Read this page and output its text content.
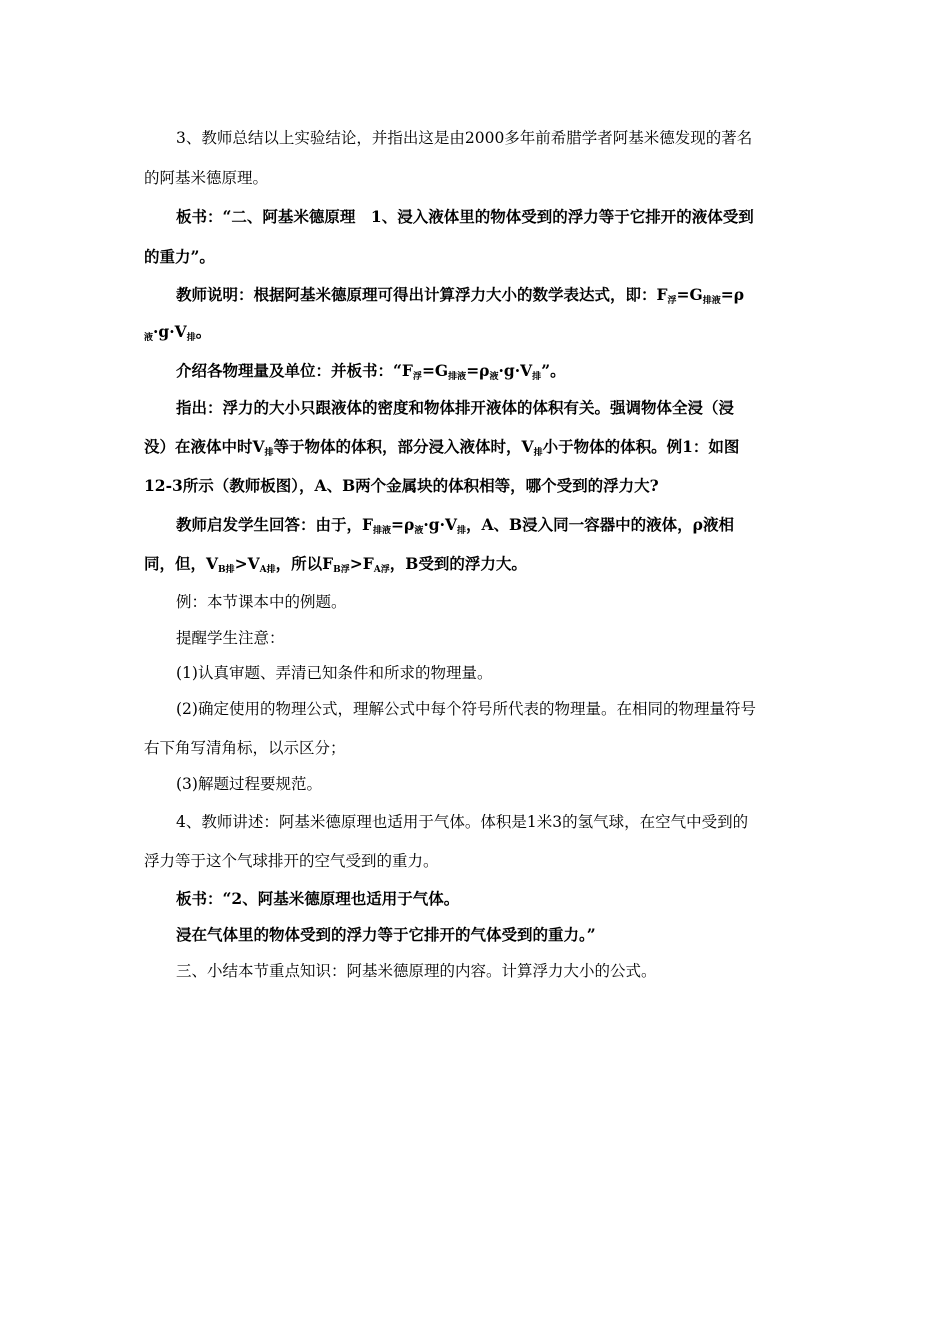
3、教师总结以上实验结论，并指出这是由2000多年前希腊学者阿基米德发现的著名
的阿基米德原理。
板书：“二、阿基米德原理　1、浸入液体里的物体受到的浮力等于它排开的液体受到
的重力”。
教师说明：根据阿基米德原理可得出计算浮力大小的数学表达式，即：F浮=G排液=ρ
液·g·V排。
介绍各物理量及单位：并板书：“F浮=G排液=ρ液·g·V排”。
指出：浮力的大小只跟液体的密度和物体排开液体的体积有关。强调物体全浸（浸
没）在液体中时V排等于物体的体积，部分浸入液体时，V排小于物体的体积。例1：如图
12-3所示（教师板图），A、B两个金属块的体积相等，哪个受到的浮力大?
教师启发学生回答：由于，F排液=ρ液·g·V排，A、B浸入同一容器中的液体，ρ液相
同，但，VB排>VA排，所以FB浮>FA浮，B受到的浮力大。
例：本节课本中的例题。
提醒学生注意：
(1)认真审题、弄清已知条件和所求的物理量。
(2)确定使用的物理公式，理解公式中每个符号所代表的物理量。在相同的物理量符号
右下角写清角标，以示区分；
(3)解题过程要规范。
4、教师讲述：阿基米德原理也适用于气体。体积是1米3的氢气球，在空气中受到的
浮力等于这个气球排开的空气受到的重力。
板书：“2、阿基米德原理也适用于气体。
浸在气体里的物体受到的浮力等于它排开的气体受到的重力。”
三、小结本节重点知识：阿基米德原理的内容。计算浮力大小的公式。
